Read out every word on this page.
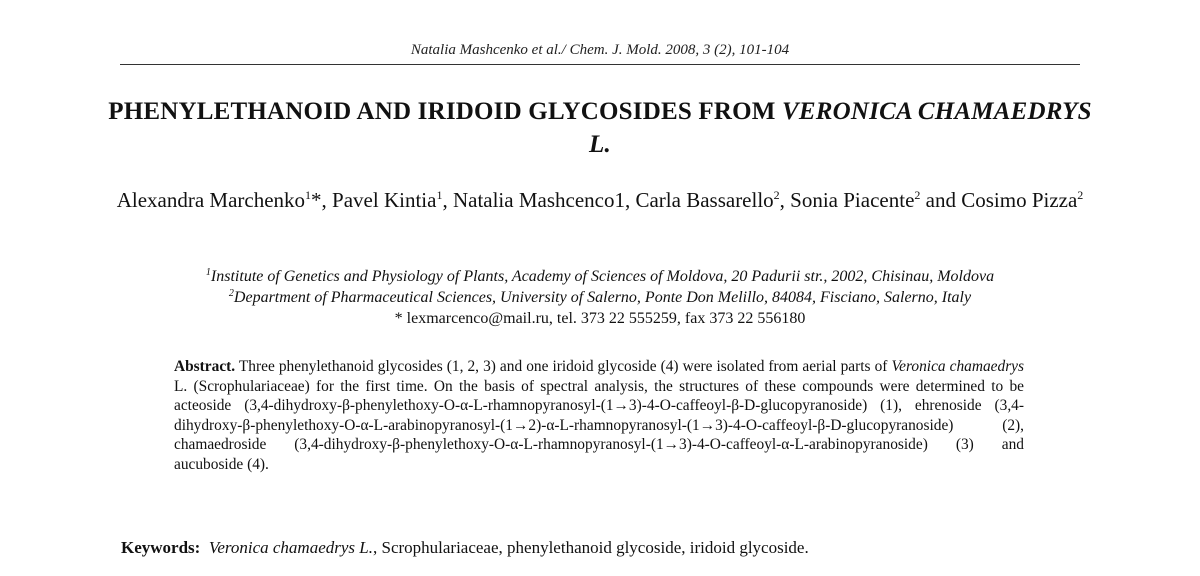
Natalia Mashcenko et al./ Chem. J. Mold. 2008, 3 (2), 101-104
PHENYLETHANOID AND IRIDOID GLYCOSIDES FROM VERONICA CHAMAEDRYS L.
Alexandra Marchenko$^1$*, Pavel Kintia$^1$, Natalia Mashcenco1, Carla Bassarello$^2$, Sonia Piacente$^2$ and Cosimo Pizza$^2$
$^1$Institute of Genetics and Physiology of Plants, Academy of Sciences of Moldova, 20 Padurii str., 2002, Chisinau, Moldova
$^2$Department of Pharmaceutical Sciences, University of Salerno, Ponte Don Melillo, 84084, Fisciano, Salerno, Italy
* lexmarcenco@mail.ru, tel. 373 22 555259, fax 373 22 556180
Abstract. Three phenylethanoid glycosides (1, 2, 3) and one iridoid glycoside (4) were isolated from aerial parts of Veronica chamaedrys L. (Scrophulariaceae) for the first time. On the basis of spectral analysis, the structures of these compounds were determined to be acteoside (3,4-dihydroxy-β-phenylethoxy-O-α-L-rhamnopyranosyl-(1→3)-4-O-caffeoyl-β-D-glucopyranoside) (1), ehrenoside (3,4-dihydroxy-β-phenylethoxy-O-α-L-arabinopyranosyl-(1→2)-α-L-rhamnopyranosyl-(1→3)-4-O-caffeoyl-β-D-glucopyranoside) (2), chamaedroside (3,4-dihydroxy-β-phenylethoxy-O-α-L-rhamnopyranosyl-(1→3)-4-O-caffeoyl-α-L-arabinopyranoside) (3) and aucuboside (4).
Keywords: Veronica chamaedrys L., Scrophulariaceae, phenylethanoid glycoside, iridoid glycoside.
